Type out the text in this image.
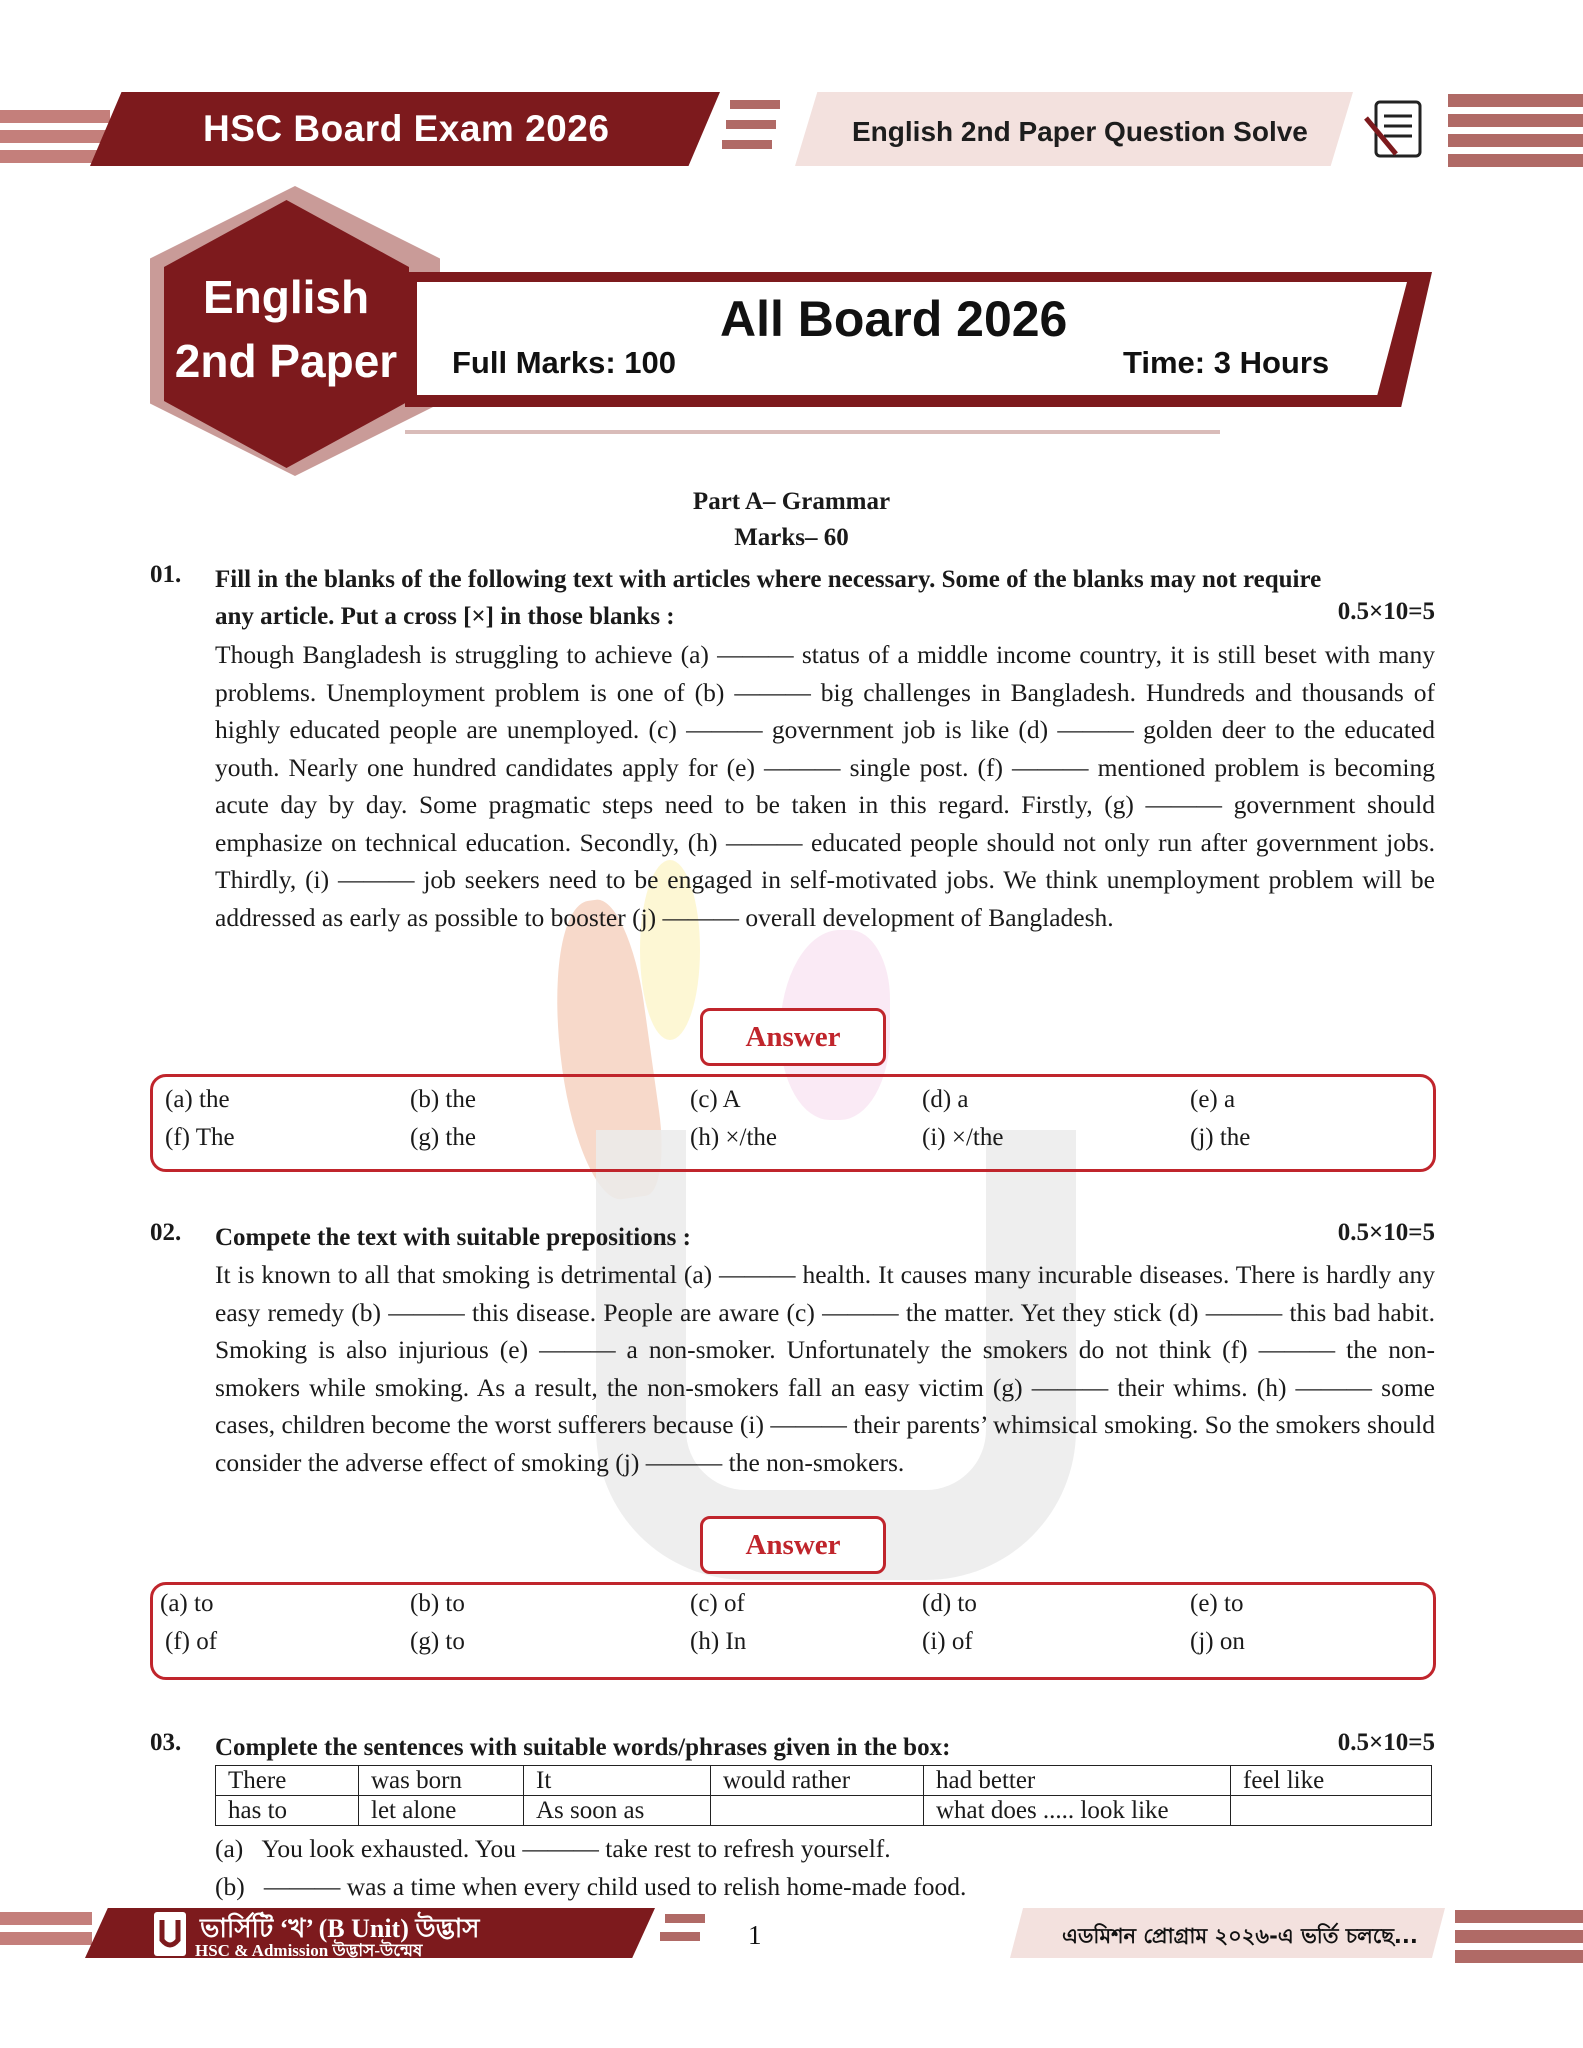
HSC Board Exam 2026	English 2nd Paper Question Solve
English
2nd Paper
All Board 2026
Full Marks: 100	Time: 3 Hours
Part A– Grammar
Marks– 60
01. Fill in the blanks of the following text with articles where necessary. Some of the blanks may not require
any article. Put a cross [×] in those blanks :	0.5×10=5
Though Bangladesh is struggling to achieve (a) ——— status of a middle income country, it is still beset with many problems. Unemployment problem is one of (b) ——— big challenges in Bangladesh. Hundreds and thousands of highly educated people are unemployed. (c) ——— government job is like (d) ——— golden deer to the educated youth. Nearly one hundred candidates apply for (e) ——— single post. (f) ——— mentioned problem is becoming acute day by day. Some pragmatic steps need to be taken in this regard. Firstly, (g) ——— government should emphasize on technical education. Secondly, (h) ——— educated people should not only run after government jobs. Thirdly, (i) ——— job seekers need to be engaged in self-motivated jobs. We think unemployment problem will be addressed as early as possible to booster (j) ——— overall development of Bangladesh.
Answer
(a) the	(b) the	(c) A	(d) a	(e) a
(f) The	(g) the	(h) ×/the	(i) ×/the	(j) the
02. Compete the text with suitable prepositions :	0.5×10=5
It is known to all that smoking is detrimental (a) ——— health. It causes many incurable diseases. There is hardly any easy remedy (b) ——— this disease. People are aware (c) ——— the matter. Yet they stick (d) ——— this bad habit. Smoking is also injurious (e) ——— a non-smoker. Unfortunately the smokers do not think (f) ——— the non-smokers while smoking. As a result, the non-smokers fall an easy victim (g) ——— their whims. (h) ——— some cases, children become the worst sufferers because (i) ——— their parents’ whimsical smoking. So the smokers should consider the adverse effect of smoking (j) ——— the non-smokers.
Answer
(a) to	(b) to	(c) of	(d) to	(e) to
(f) of	(g) to	(h) In	(i) of	(j) on
03. Complete the sentences with suitable words/phrases given in the box:	0.5×10=5
There	was born	It	would rather	had better	feel like
has to	let alone	As soon as		what does ..... look like	
(a)   You look exhausted. You ——— take rest to refresh yourself.
(b)   ——— was a time when every child used to relish home-made food.
ভার্সিটি ‘খ’ (B Unit) উদ্ভাস
HSC & Admission উদ্ভাস-উন্মেষ
1	এডমিশন প্রোগ্রাম ২০২৬-এ ভর্তি চলছে...
